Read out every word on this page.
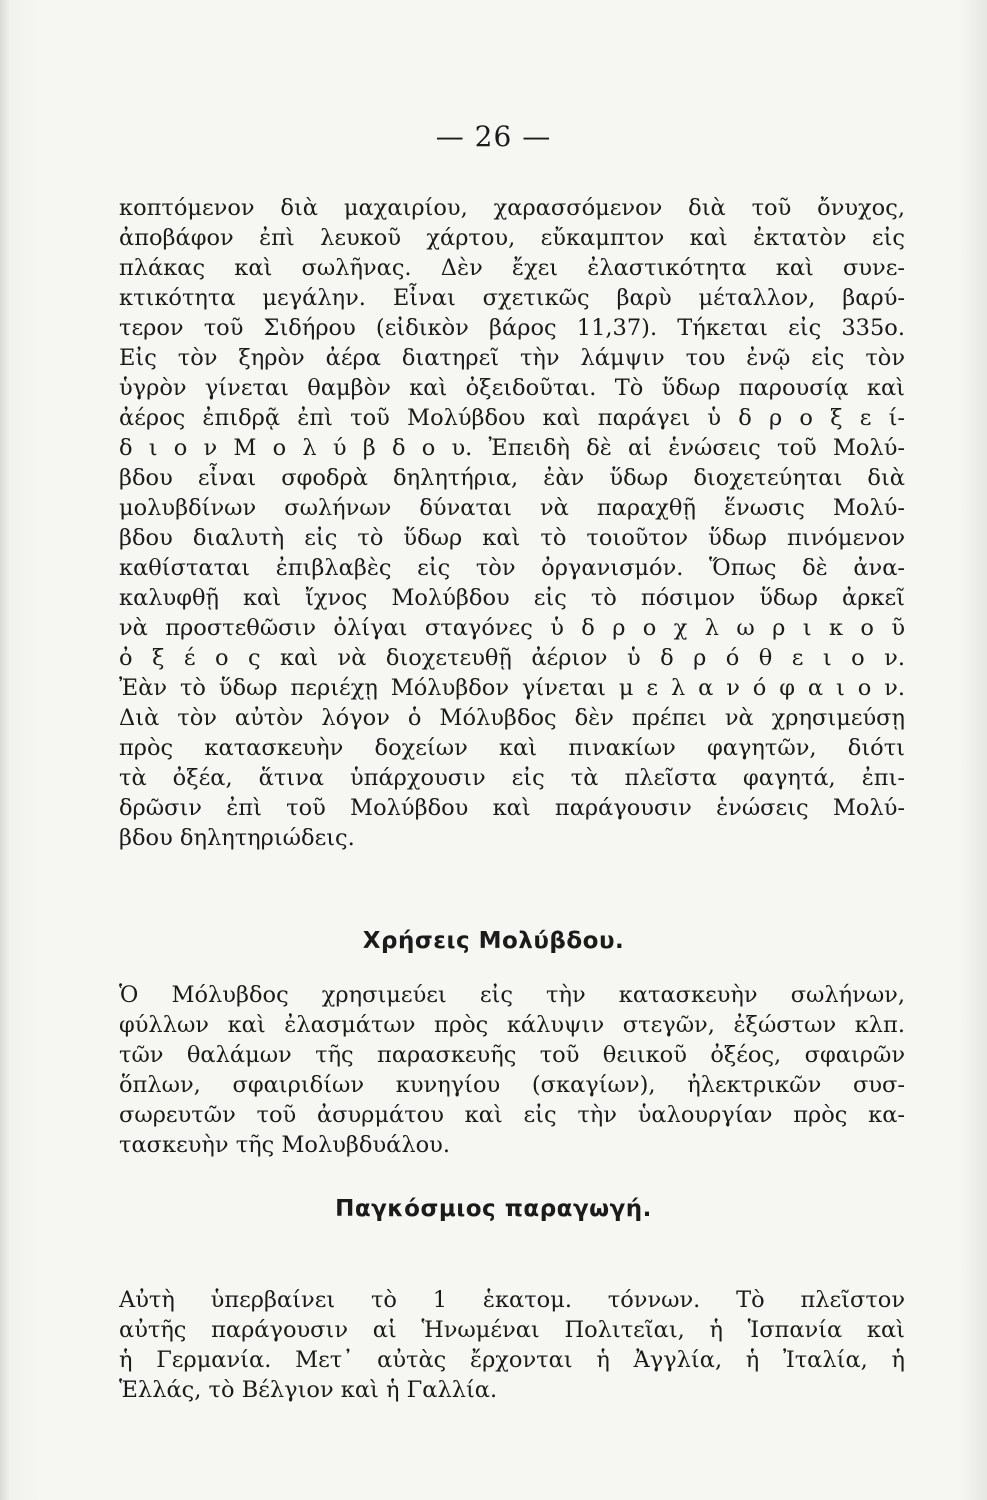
— 26 —
κοπτόμενον διὰ μαχαιρίου, χαρασσόμενον διὰ τοῦ ὄνυχος,
ἀποβάφον ἐπὶ λευκοῦ χάρτου, εὔκαμπτον καὶ ἐκτατὸν εἰς
πλάκας καὶ σωλῆνας. Δὲν ἔχει ἐλαστικότητα καὶ συνε-
κτικότητα μεγάλην. Εἶναι σχετικῶς βαρὺ μέταλλον, βαρύ-
τερον τοῦ Σιδήρου (εἰδικὸν βάρος 11,37). Τήκεται εἰς 335ο.
Εἰς τὸν ξηρὸν ἀέρα διατηρεῖ τὴν λάμψιν του ἐνῷ εἰς τὸν
ὑγρὸν γίνεται θαμβὸν καὶ ὀξειδοῦται. Τὸ ὕδωρ παρουσίᾳ καὶ
ἀέρος ἐπιδρᾷ ἐπὶ τοῦ Μολύβδου καὶ παράγει ὑ δ ρ ο ξ ε ί-
δ ι ο ν Μ ο λ ύ β δ ο υ. Ἐπειδὴ δὲ αἱ ἑνώσεις τοῦ Μολύ-
βδου εἶναι σφοδρὰ δηλητήρια, ἐὰν ὕδωρ διοχετεύηται διὰ
μολυβδίνων σωλήνων δύναται νὰ παραχθῇ ἕνωσις Μολύ-
βδου διαλυτὴ εἰς τὸ ὕδωρ καὶ τὸ τοιοῦτον ὕδωρ πινόμενον
καθίσταται ἐπιβλαβὲς εἰς τὸν ὀργανισμόν. Ὅπως δὲ ἀνα-
καλυφθῇ καὶ ἴχνος Μολύβδου εἰς τὸ πόσιμον ὕδωρ ἀρκεῖ
νὰ προστεθῶσιν ὀλίγαι σταγόνες ὑ δ ρ ο χ λ ω ρ ι κ ο ῦ
ὀ ξ έ ο ς καὶ νὰ διοχετευθῇ ἀέριον ὑ δ ρ ό θ ε ι ο ν.
Ἐὰν τὸ ὕδωρ περιέχῃ Μόλυβδον γίνεται μ ε λ α ν ό φ α ι ο ν.
Διὰ τὸν αὐτὸν λόγον ὁ Μόλυβδος δὲν πρέπει νὰ χρησιμεύσῃ
πρὸς κατασκευὴν δοχείων καὶ πινακίων φαγητῶν, διότι
τὰ ὀξέα, ἅτινα ὑπάρχουσιν εἰς τὰ πλεῖστα φαγητά, ἐπι-
δρῶσιν ἐπὶ τοῦ Μολύβδου καὶ παράγουσιν ἑνώσεις Μολύ-
βδου δηλητηριώδεις.
Χρήσεις Μολύβδου.
Ὁ Μόλυβδος χρησιμεύει εἰς τὴν κατασκευὴν σωλήνων,
φύλλων καὶ ἐλασμάτων πρὸς κάλυψιν στεγῶν, ἐξώστων κλπ.
τῶν θαλάμων τῆς παρασκευῆς τοῦ θειικοῦ ὀξέος, σφαιρῶν
ὅπλων, σφαιριδίων κυνηγίου (σκαγίων), ἠλεκτρικῶν συσ-
σωρευτῶν τοῦ ἀσυρμάτου καὶ εἰς τὴν ὑαλουργίαν πρὸς κα-
τασκευὴν τῆς Μολυβδυάλου.
Παγκόσμιος παραγωγή.
Αὐτὴ ὑπερβαίνει τὸ 1 ἑκατομ. τόννων. Τὸ πλεῖστον
αὐτῆς παράγουσιν αἱ Ἡνωμέναι Πολιτεῖαι, ἡ Ἱσπανία καὶ
ἡ Γερμανία. Μετ᾽ αὐτὰς ἔρχονται ἡ Ἀγγλία, ἡ Ἰταλία, ἡ
Ἑλλάς, τὸ Βέλγιον καὶ ἡ Γαλλία.
